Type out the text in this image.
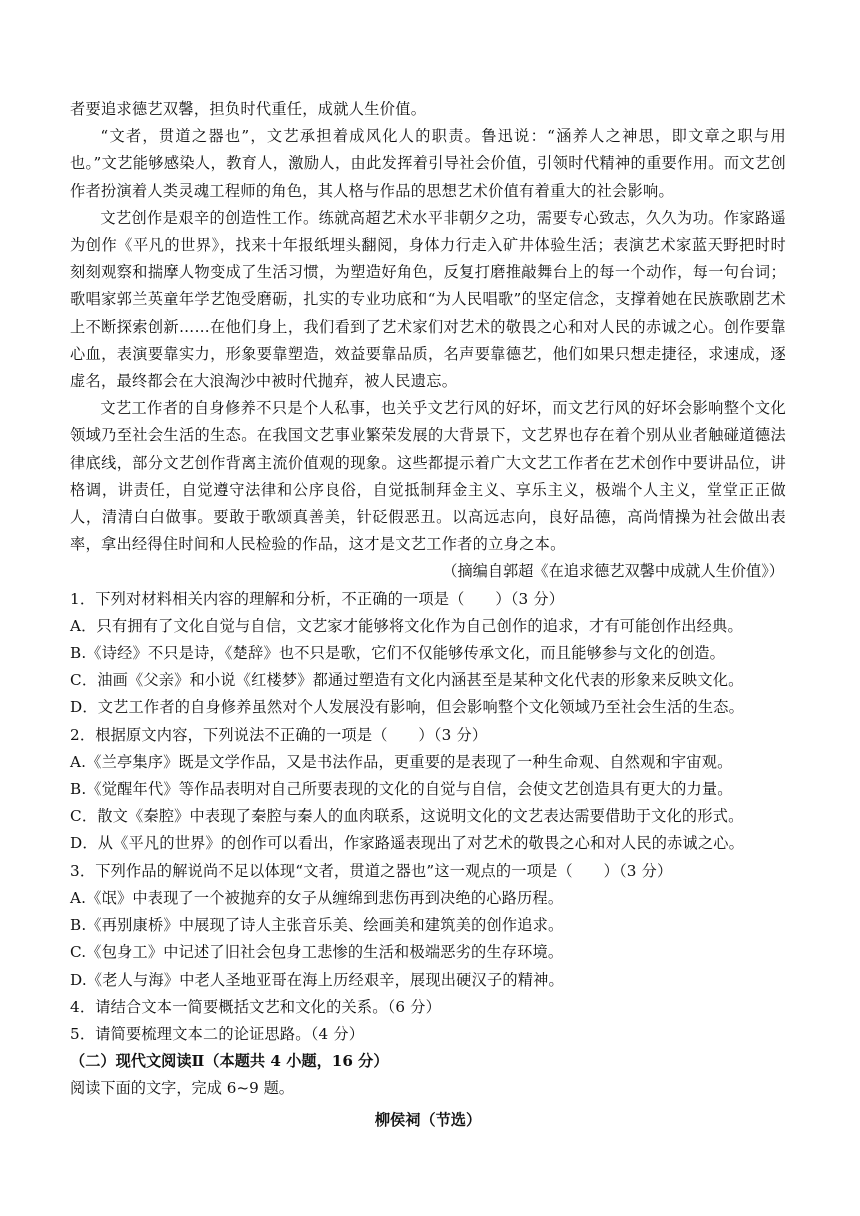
者要追求德艺双馨，担负时代重任，成就人生价值。

“文者，贯道之器也”，文艺承担着成风化人的职责。鲁迅说：“涵养人之神思，即文章之职与用也。”文艺能够感染人，教育人，激励人，由此发挥着引导社会价值，引领时代精神的重要作用。而文艺创作者扮演着人类灵魂工程师的角色，其人格与作品的思想艺术价值有着重大的社会影响。

文艺创作是艰辛的创造性工作。练就高超艺术水平非朝夕之功，需要专心致志，久久为功。作家路遥为创作《平凡的世界》，找来十年报纸埋头翻阅，身体力行走入矿井体验生活；表演艺术家蓝天野把时时刻刻观察和揣摩人物变成了生活习惯，为塑造好角色，反复打磨推敲舞台上的每一个动作，每一句台词；歌唱家郭兰英童年学艺饱受磨砺，扎实的专业功底和“为人民唱歌”的坚定信念，支撑着她在民族歌剧艺术上不断探索创新……在他们身上，我们看到了艺术家们对艺术的敬畏之心和对人民的赤诚之心。创作要靠心血，表演要靠实力，形象要靠塑造，效益要靠品质，名声要靠德艺，他们如果只想走捷径，求速成，逐虚名，最终都会在大浪淘沙中被时代抛弃，被人民遗忘。

文艺工作者的自身修养不只是个人私事，也关乎文艺行风的好坏，而文艺行风的好坏会影响整个文化领域乃至社会生活的生态。在我国文艺事业繁荣发展的大背景下，文艺界也存在着个别从业者触碰道德法律底线，部分文艺创作背离主流价值观的现象。这些都提示着广大文艺工作者在艺术创作中要讲品位，讲格调，讲责任，自觉遵守法律和公序良俗，自觉抵制拜金主义、享乐主义，极端个人主义，堂堂正正做人，清清白白做事。要敢于歌颂真善美，针砭假恶丑。以高远志向，良好品德，高尚情操为社会做出表率，拿出经得住时间和人民检验的作品，这才是文艺工作者的立身之本。

（摘编自郭超《在追求德艺双馨中成就人生价值》）

1．下列对材料相关内容的理解和分析，不正确的一项是（　　）（3 分）

A．只有拥有了文化自觉与自信，文艺家才能够将文化作为自己创作的追求，才有可能创作出经典。

B.《诗经》不只是诗，《楚辞》也不只是歌，它们不仅能够传承文化，而且能够参与文化的创造。

C．油画《父亲》和小说《红楼梦》都通过塑造有文化内涵甚至是某种文化代表的形象来反映文化。

D．文艺工作者的自身修养虽然对个人发展没有影响，但会影响整个文化领域乃至社会生活的生态。

2．根据原文内容，下列说法不正确的一项是（　　）（3 分）

A.《兰亭集序》既是文学作品，又是书法作品，更重要的是表现了一种生命观、自然观和宇宙观。

B.《觉醒年代》等作品表明对自己所要表现的文化的自觉与自信，会使文艺创造具有更大的力量。

C．散文《秦腔》中表现了秦腔与秦人的血肉联系，这说明文化的文艺表达需要借助于文化的形式。

D．从《平凡的世界》的创作可以看出，作家路遥表现出了对艺术的敬畏之心和对人民的赤诚之心。

3．下列作品的解说尚不足以体现“文者，贯道之器也”这一观点的一项是（　　）（3 分）

A.《氓》中表现了一个被抛弃的女子从缠绵到悲伤再到决绝的心路历程。

B.《再别康桥》中展现了诗人主张音乐美、绘画美和建筑美的创作追求。

C.《包身工》中记述了旧社会包身工悲惨的生活和极端恶劣的生存环境。

D.《老人与海》中老人圣地亚哥在海上历经艰辛，展现出硬汉子的精神。

4．请结合文本一简要概括文艺和文化的关系。（6 分）

5．请简要梳理文本二的论证思路。（4 分）

（二）现代文阅读Ⅱ（本题共 4 小题，16 分）

阅读下面的文字，完成 6~9 题。

柳侯祠（节选）
